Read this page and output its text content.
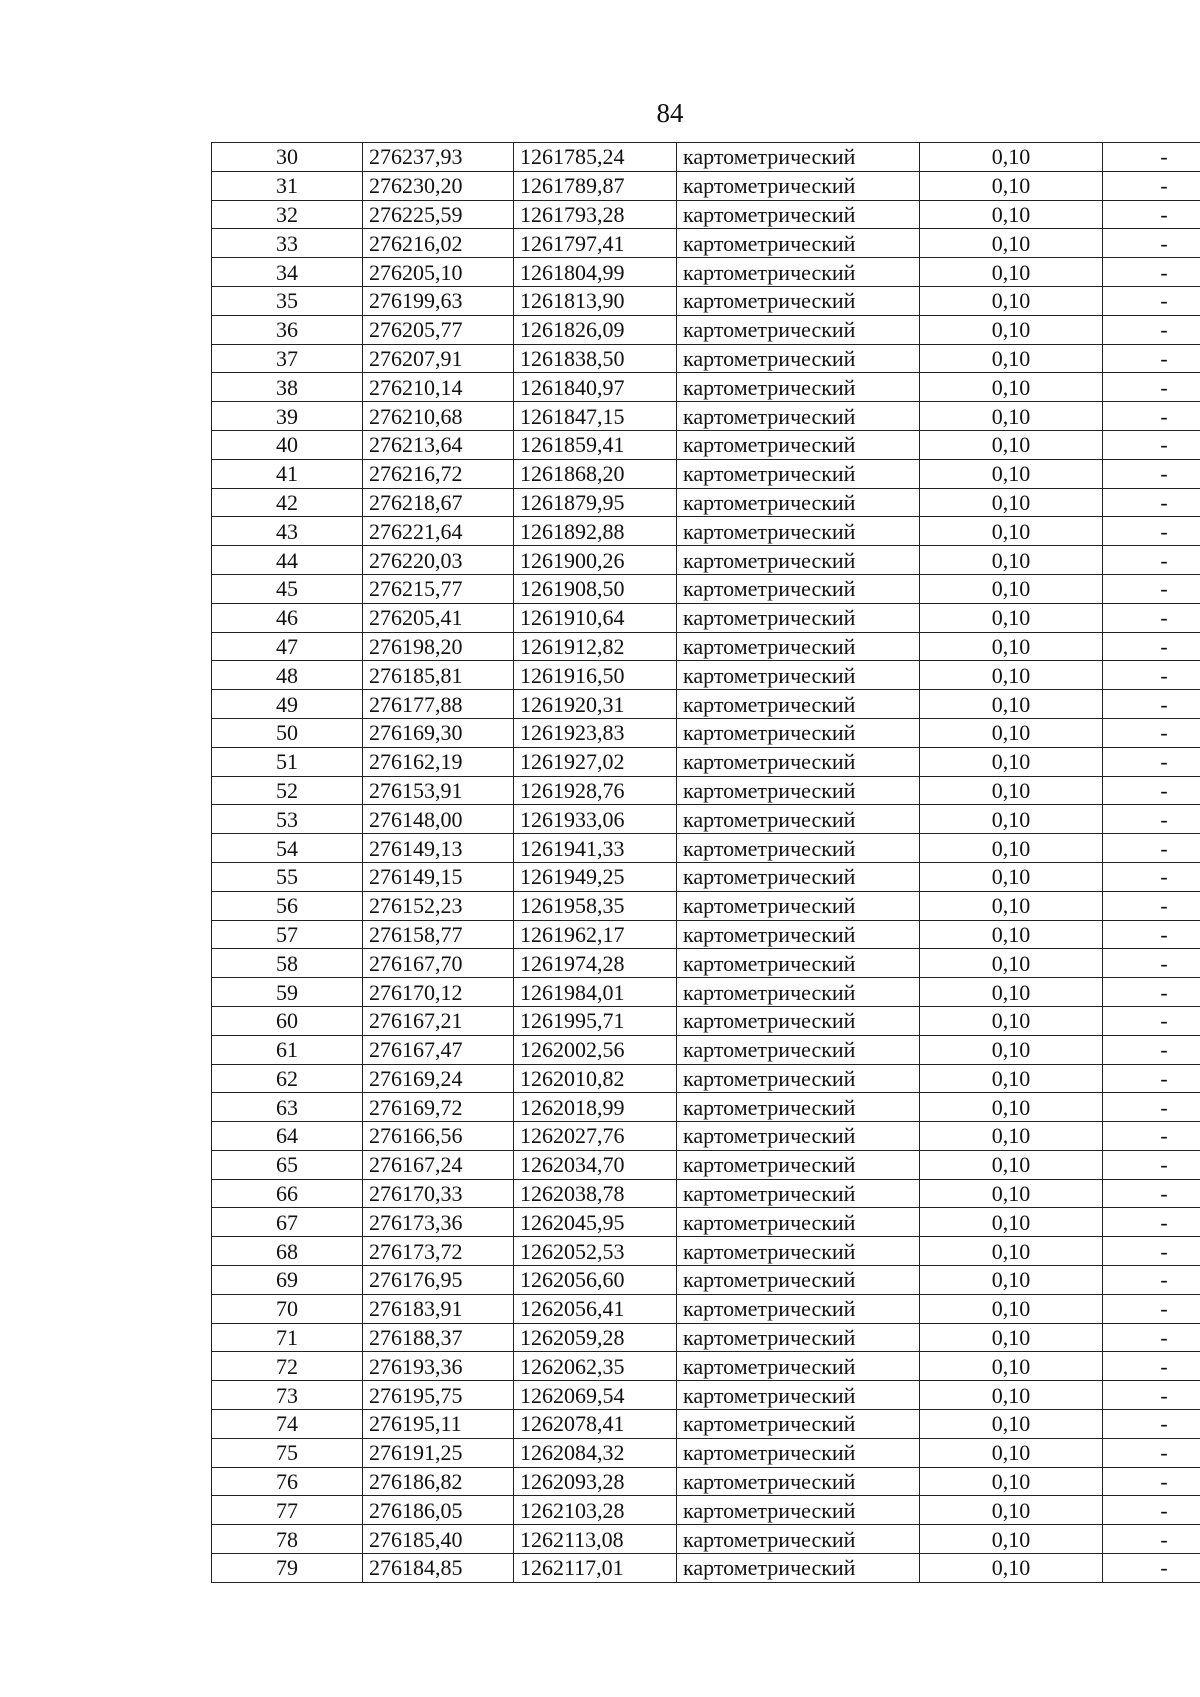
84
30	276237,93	1261785,24	картометрический	0,10	-
31	276230,20	1261789,87	картометрический	0,10	-
32	276225,59	1261793,28	картометрический	0,10	-
33	276216,02	1261797,41	картометрический	0,10	-
34	276205,10	1261804,99	картометрический	0,10	-
35	276199,63	1261813,90	картометрический	0,10	-
36	276205,77	1261826,09	картометрический	0,10	-
37	276207,91	1261838,50	картометрический	0,10	-
38	276210,14	1261840,97	картометрический	0,10	-
39	276210,68	1261847,15	картометрический	0,10	-
40	276213,64	1261859,41	картометрический	0,10	-
41	276216,72	1261868,20	картометрический	0,10	-
42	276218,67	1261879,95	картометрический	0,10	-
43	276221,64	1261892,88	картометрический	0,10	-
44	276220,03	1261900,26	картометрический	0,10	-
45	276215,77	1261908,50	картометрический	0,10	-
46	276205,41	1261910,64	картометрический	0,10	-
47	276198,20	1261912,82	картометрический	0,10	-
48	276185,81	1261916,50	картометрический	0,10	-
49	276177,88	1261920,31	картометрический	0,10	-
50	276169,30	1261923,83	картометрический	0,10	-
51	276162,19	1261927,02	картометрический	0,10	-
52	276153,91	1261928,76	картометрический	0,10	-
53	276148,00	1261933,06	картометрический	0,10	-
54	276149,13	1261941,33	картометрический	0,10	-
55	276149,15	1261949,25	картометрический	0,10	-
56	276152,23	1261958,35	картометрический	0,10	-
57	276158,77	1261962,17	картометрический	0,10	-
58	276167,70	1261974,28	картометрический	0,10	-
59	276170,12	1261984,01	картометрический	0,10	-
60	276167,21	1261995,71	картометрический	0,10	-
61	276167,47	1262002,56	картометрический	0,10	-
62	276169,24	1262010,82	картометрический	0,10	-
63	276169,72	1262018,99	картометрический	0,10	-
64	276166,56	1262027,76	картометрический	0,10	-
65	276167,24	1262034,70	картометрический	0,10	-
66	276170,33	1262038,78	картометрический	0,10	-
67	276173,36	1262045,95	картометрический	0,10	-
68	276173,72	1262052,53	картометрический	0,10	-
69	276176,95	1262056,60	картометрический	0,10	-
70	276183,91	1262056,41	картометрический	0,10	-
71	276188,37	1262059,28	картометрический	0,10	-
72	276193,36	1262062,35	картометрический	0,10	-
73	276195,75	1262069,54	картометрический	0,10	-
74	276195,11	1262078,41	картометрический	0,10	-
75	276191,25	1262084,32	картометрический	0,10	-
76	276186,82	1262093,28	картометрический	0,10	-
77	276186,05	1262103,28	картометрический	0,10	-
78	276185,40	1262113,08	картометрический	0,10	-
79	276184,85	1262117,01	картометрический	0,10	-
